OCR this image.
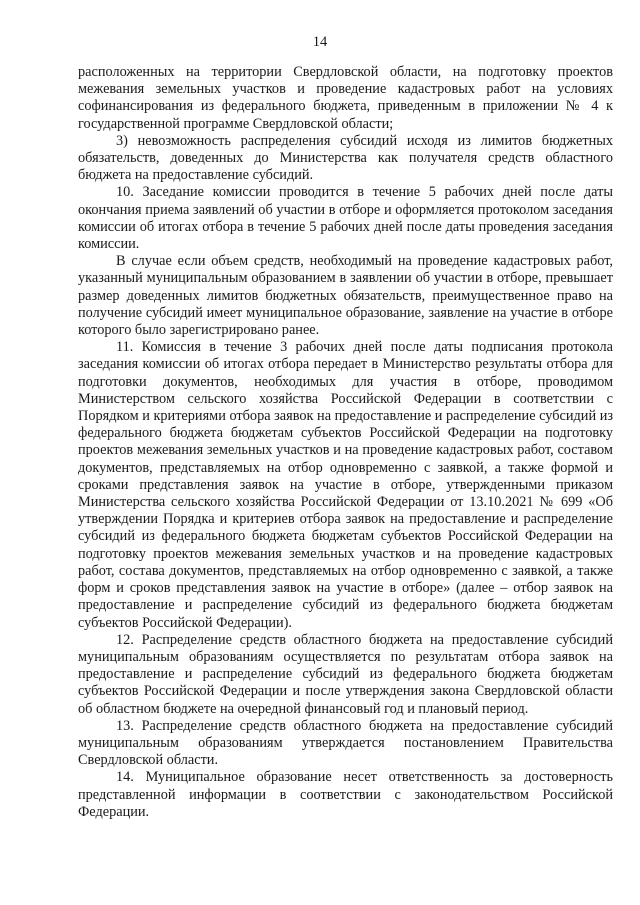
14

расположенных на территории Свердловской области, на подготовку проектов межевания земельных участков и проведение кадастровых работ на условиях софинансирования из федерального бюджета, приведенным в приложении № 4 к государственной программе Свердловской области;

3) невозможность распределения субсидий исходя из лимитов бюджетных обязательств, доведенных до Министерства как получателя средств областного бюджета на предоставление субсидий.

10. Заседание комиссии проводится в течение 5 рабочих дней после даты окончания приема заявлений об участии в отборе и оформляется протоколом заседания комиссии об итогах отбора в течение 5 рабочих дней после даты проведения заседания комиссии.

В случае если объем средств, необходимый на проведение кадастровых работ, указанный муниципальным образованием в заявлении об участии в отборе, превышает размер доведенных лимитов бюджетных обязательств, преимущественное право на получение субсидий имеет муниципальное образование, заявление на участие в отборе которого было зарегистрировано ранее.

11. Комиссия в течение 3 рабочих дней после даты подписания протокола заседания комиссии об итогах отбора передает в Министерство результаты отбора для подготовки документов, необходимых для участия в отборе, проводимом Министерством сельского хозяйства Российской Федерации в соответствии с Порядком и критериями отбора заявок на предоставление и распределение субсидий из федерального бюджета бюджетам субъектов Российской Федерации на подготовку проектов межевания земельных участков и на проведение кадастровых работ, составом документов, представляемых на отбор одновременно с заявкой, а также формой и сроками представления заявок на участие в отборе, утвержденными приказом Министерства сельского хозяйства Российской Федерации от 13.10.2021 № 699 «Об утверждении Порядка и критериев отбора заявок на предоставление и распределение субсидий из федерального бюджета бюджетам субъектов Российской Федерации на подготовку проектов межевания земельных участков и на проведение кадастровых работ, состава документов, представляемых на отбор одновременно с заявкой, а также форм и сроков представления заявок на участие в отборе» (далее – отбор заявок на предоставление и распределение субсидий из федерального бюджета бюджетам субъектов Российской Федерации).

12. Распределение средств областного бюджета на предоставление субсидий муниципальным образованиям осуществляется по результатам отбора заявок на предоставление и распределение субсидий из федерального бюджета бюджетам субъектов Российской Федерации и после утверждения закона Свердловской области об областном бюджете на очередной финансовый год и плановый период.

13. Распределение средств областного бюджета на предоставление субсидий муниципальным образованиям утверждается постановлением Правительства Свердловской области.

14. Муниципальное образование несет ответственность за достоверность представленной информации в соответствии с законодательством Российской Федерации.
